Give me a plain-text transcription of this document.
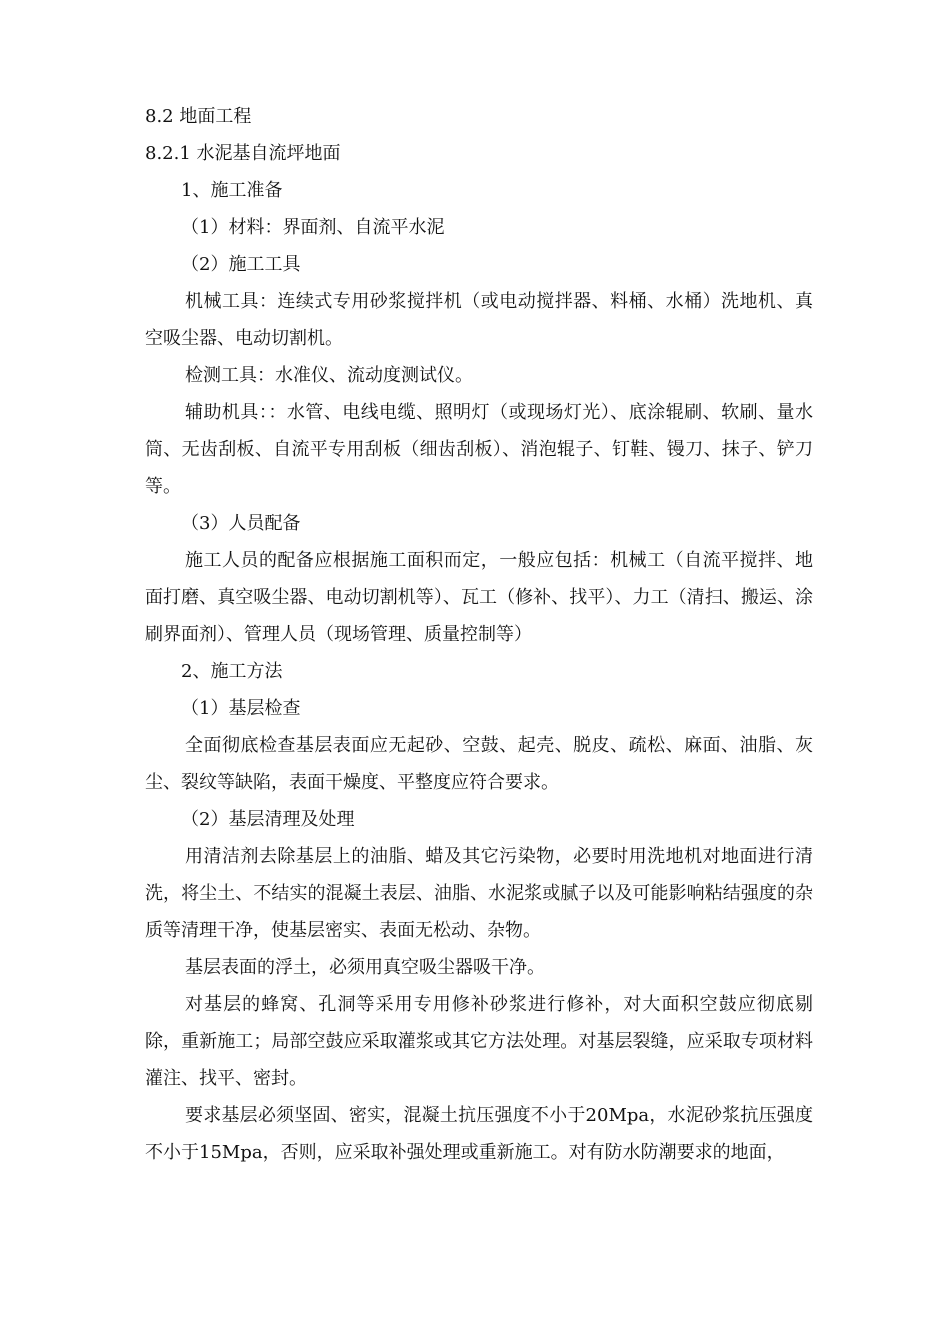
8.2 地面工程

8.2.1 水泥基自流坪地面

1、施工准备

（1）材料：界面剂、自流平水泥

（2）施工工具

机械工具：连续式专用砂浆搅拌机（或电动搅拌器、料桶、水桶）洗地机、真空吸尘器、电动切割机。

检测工具：水准仪、流动度测试仪。

辅助机具：：水管、电线电缆、照明灯（或现场灯光）、底涂辊刷、软刷、量水筒、无齿刮板、自流平专用刮板（细齿刮板）、消泡辊子、钉鞋、镘刀、抹子、铲刀等。

（3）人员配备

施工人员的配备应根据施工面积而定，一般应包括：机械工（自流平搅拌、地面打磨、真空吸尘器、电动切割机等）、瓦工（修补、找平）、力工（清扫、搬运、涂刷界面剂）、管理人员（现场管理、质量控制等）

2、施工方法

（1）基层检查

全面彻底检查基层表面应无起砂、空鼓、起壳、脱皮、疏松、麻面、油脂、灰尘、裂纹等缺陷，表面干燥度、平整度应符合要求。

（2）基层清理及处理

用清洁剂去除基层上的油脂、蜡及其它污染物，必要时用洗地机对地面进行清洗，将尘土、不结实的混凝土表层、油脂、水泥浆或腻子以及可能影响粘结强度的杂质等清理干净，使基层密实、表面无松动、杂物。

基层表面的浮土，必须用真空吸尘器吸干净。

对基层的蜂窝、孔洞等采用专用修补砂浆进行修补，对大面积空鼓应彻底剔除，重新施工；局部空鼓应采取灌浆或其它方法处理。对基层裂缝，应采取专项材料灌注、找平、密封。

要求基层必须坚固、密实，混凝土抗压强度不小于20Mpa，水泥砂浆抗压强度不小于15Mpa，否则，应采取补强处理或重新施工。对有防水防潮要求的地面，
